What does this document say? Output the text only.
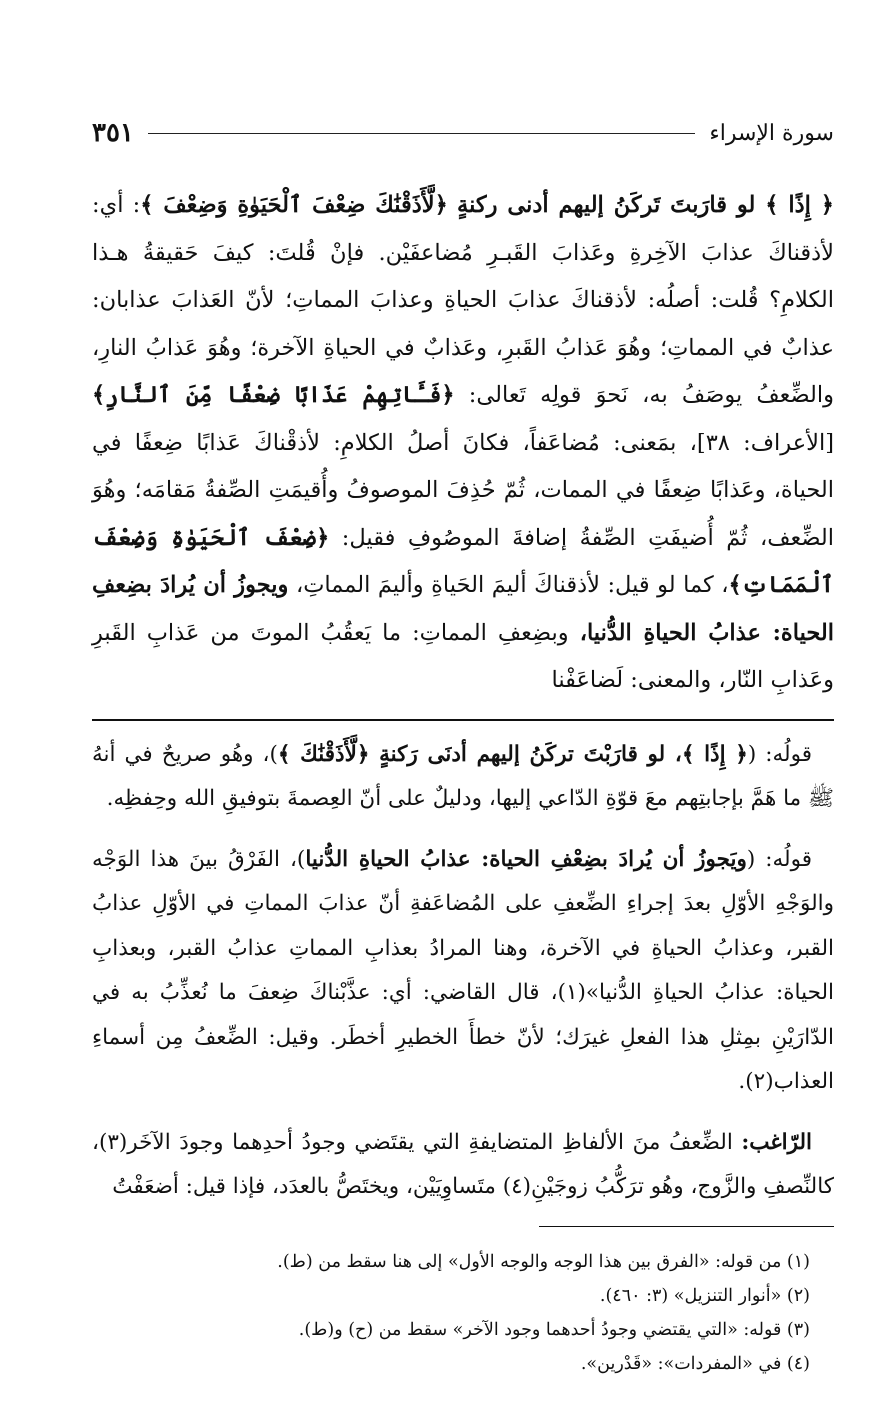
سورة الإسراء
٣٥١

﴿ إِذًا ﴾ لو قارَبتَ تَركَنُ إليهم أدنى ركنةٍ ﴿لَّأَذَقْنَٰكَ ضِعْفَ ٱلْحَيَوٰةِ وَضِعْفَ ﴾: أي: لأذقناكَ عذابَ الآخِرةِ وعَذابَ القَبـرِ مُضاعفَيْن. فإنْ قُلتَ: كيفَ حَقيقةُ هـذا الكلامِ؟ قُلت: أصلُه: لأذقناكَ عذابَ الحياةِ وعذابَ المماتِ؛ لأنّ العَذابَ عذابان: عذابٌ في المماتِ؛ وهُوَ عَذابُ القَبرِ، وعَذابٌ في الحياةِ الآخرة؛ وهُوَ عَذابُ النارِ، والضِّعفُ يوصَفُ به، نَحوَ قولِه تَعالى: ﴿فَـَٔاتِهِمْ عَذَابًا ضِعْفًا مِّنَ ٱلنَّارِ﴾ [الأعراف: ٣٨]، بمَعنى: مُضاعَفاً، فكانَ أصلُ الكلامِ: لأذقْناكَ عَذابًا ضِعفًا في الحياة، وعَذابًا ضِعفًا في الممات، ثُمّ حُذِفَ الموصوفُ وأُقيمَتِ الصِّفةُ مَقامَه؛ وهُوَ الضِّعف، ثُمّ أُضيفَتِ الصِّفةُ إضافةَ الموصُوفِ فقيل: ﴿ضِعْفَ ٱلْحَيَوٰةِ وَضِعْفَ ٱلْمَمَاتِ﴾، كما لو قيل: لأذقناكَ أليمَ الحَياةِ وأليمَ المماتِ، ويجوزُ أن يُرادَ بضِعفِ الحياة: عذابُ الحياةِ الدُّنيا، وبضِعفِ المماتِ: ما يَعقُبُ الموتَ من عَذابِ القَبرِ وعَذابِ النّار، والمعنى: لَضاعَفْنا

قولُه: (﴿ إِذًا ﴾، لو قارَبْتَ تركَنُ إليهم أدنَى رَكنةٍ ﴿لَّأَذَقْنَٰكَ ﴾)، وهُو صريحٌ في أنهُ ﷺ ما هَمَّ بإجابتِهم معَ قوّةِ الدّاعي إليها، ودليلٌ على أنّ العِصمةَ بتوفيقِ الله وحِفظِه.

قولُه: (ويَجوزُ أن يُرادَ بضِعْفِ الحياة: عذابُ الحياةِ الدُّنيا)، الفَرْقُ بينَ هذا الوَجْه والوَجْهِ الأوّلِ بعدَ إجراءِ الضِّعفِ على المُضاعَفةِ أنّ عذابَ المماتِ في الأوّلِ عذابُ القبر، وعذابُ الحياةِ في الآخرة، وهنا المرادُ بعذابِ المماتِ عذابُ القبر، وبعذابِ الحياة: عذابُ الحياةِ الدُّنيا»(١)، قال القاضي: أي: عذَّبْناكَ ضِعفَ ما نُعذِّبُ به في الدّارَيْنِ بمِثلِ هذا الفعلِ غيرَك؛ لأنّ خطأَ الخطيرِ أخطَر. وقيل: الضِّعفُ مِن أسماءِ العذاب(٢).

الرّاغب: الضِّعفُ منَ الألفاظِ المتضايفةِ التي يقتَضي وجودُ أحدِهما وجودَ الآخَر(٣)، كالنِّصفِ والزَّوج، وهُو ترَكُّبُ زوجَيْنِ(٤) متَساوِيَيْن، ويختَصُّ بالعدَد، فإذا قيل: أضعَفْتُ

(١) من قوله: «الفرق بين هذا الوجه والوجه الأول» إلى هنا سقط من (ط).
(٢) «أنوار التنزيل» (٣: ٤٦٠).
(٣) قوله: «التي يقتضي وجودُ أحدهما وجود الآخر» سقط من (ح) و(ط).
(٤) في «المفردات»: «قَدْرين».
